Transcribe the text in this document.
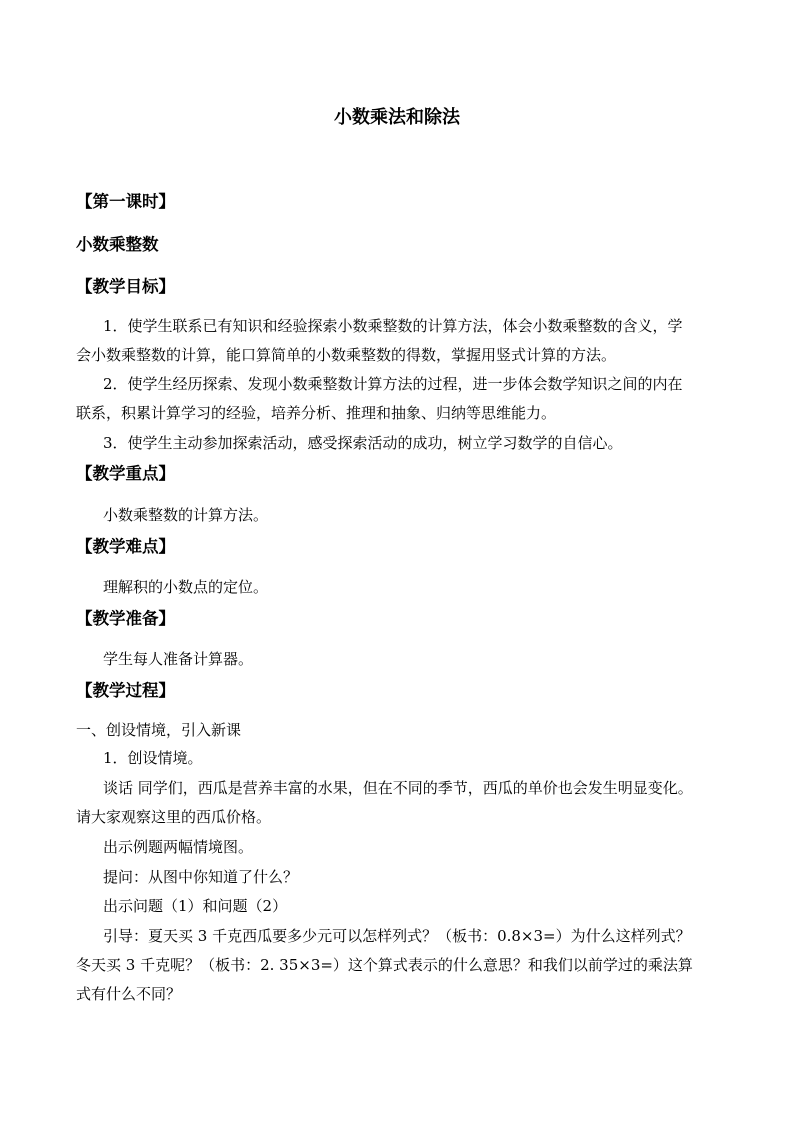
小数乘法和除法
【第一课时】
小数乘整数
【教学目标】
1．使学生联系已有知识和经验探索小数乘整数的计算方法，体会小数乘整数的含义，学
会小数乘整数的计算，能口算简单的小数乘整数的得数，掌握用竖式计算的方法。
2．使学生经历探索、发现小数乘整数计算方法的过程，进一步体会数学知识之间的内在
联系，积累计算学习的经验，培养分析、推理和抽象、归纳等思维能力。
3．使学生主动参加探索活动，感受探索活动的成功，树立学习数学的自信心。
【教学重点】
小数乘整数的计算方法。
【教学难点】
理解积的小数点的定位。
【教学准备】
学生每人准备计算器。
【教学过程】
一、创设情境，引入新课
1．创设情境。
谈话 同学们，西瓜是营养丰富的水果，但在不同的季节，西瓜的单价也会发生明显变化。
请大家观察这里的西瓜价格。
出示例题两幅情境图。
提问：从图中你知道了什么？
出示问题（1）和问题（2）
引导：夏天买 3 千克西瓜要多少元可以怎样列式？（板书：0.8×3=）为什么这样列式？
冬天买 3 千克呢？（板书：2. 35×3=）这个算式表示的什么意思？和我们以前学过的乘法算
式有什么不同？
